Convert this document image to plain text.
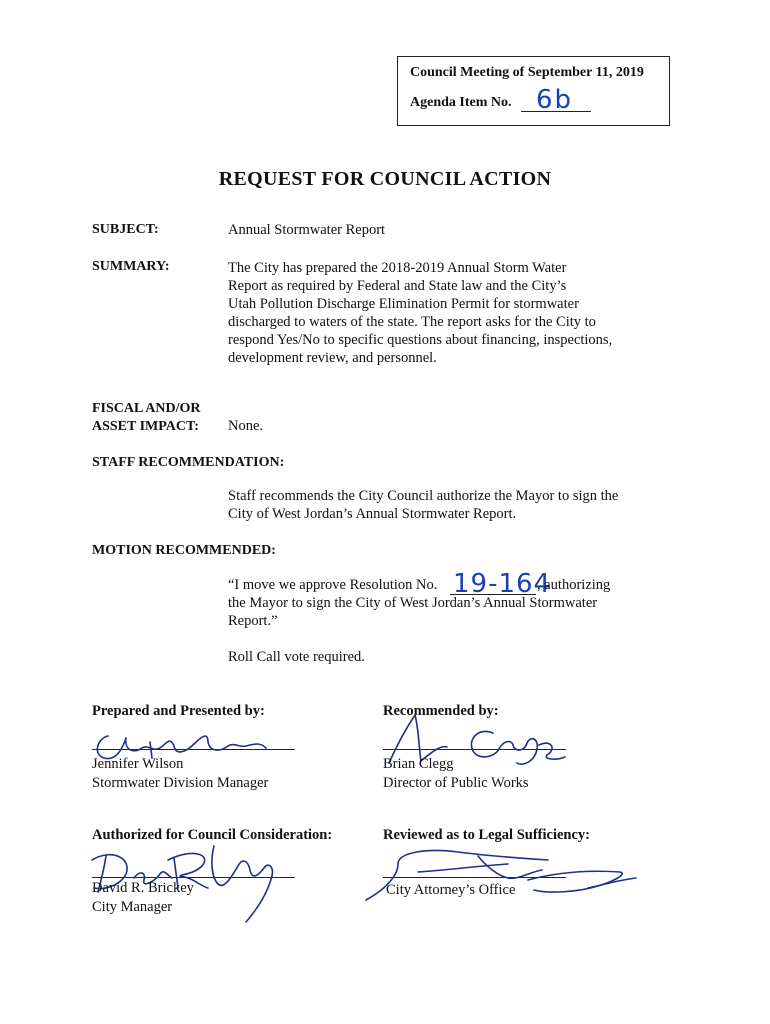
Council Meeting of September 11, 2019
Agenda Item No. 6b
REQUEST FOR COUNCIL ACTION
SUBJECT:	Annual Stormwater Report
SUMMARY:	The City has prepared the 2018-2019 Annual Storm Water
Report as required by Federal and State law and the City’s
Utah Pollution Discharge Elimination Permit for stormwater
discharged to waters of the state. The report asks for the City to
respond Yes/No to specific questions about financing, inspections,
development review, and personnel.
FISCAL AND/OR
ASSET IMPACT: None.
STAFF RECOMMENDATION:
Staff recommends the City Council authorize the Mayor to sign the
City of West Jordan’s Annual Stormwater Report.
MOTION RECOMMENDED:
“I move we approve Resolution No. 19-164
, authorizing
the Mayor to sign the City of West Jordan’s Annual Stormwater
Report.”
Roll Call vote required.
Prepared and Presented by:
Jennifer Wilson
Stormwater Division Manager
Recommended by:
Brian Clegg
Director of Public Works
Authorized for Council Consideration:
David R. Brickey
City Manager
Reviewed as to Legal Sufficiency:
City Attorney’s Office
